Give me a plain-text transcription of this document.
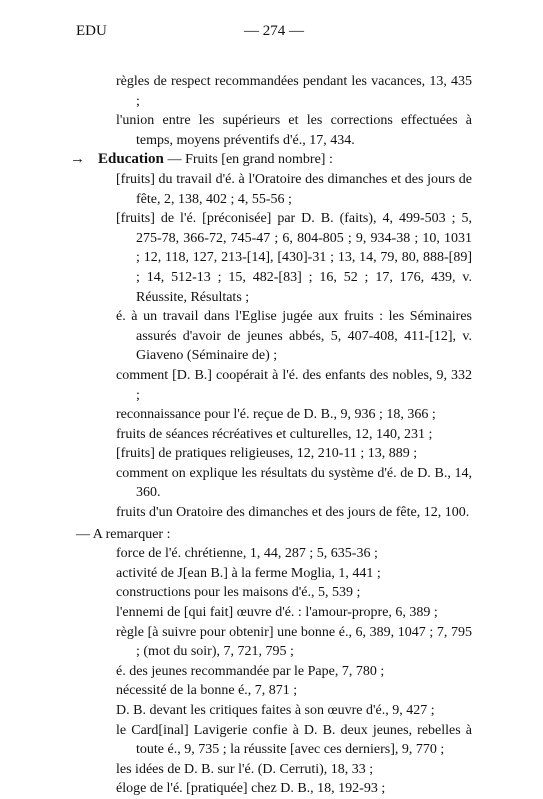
EDU	— 274 —
règles de respect recommandées pendant les vacances, 13, 435 ;
l'union entre les supérieurs et les corrections effectuées à temps, moyens préventifs d'é., 17, 434.
→ Education — Fruits [en grand nombre] :
[fruits] du travail d'é. à l'Oratoire des dimanches et des jours de fête, 2, 138, 402 ; 4, 55-56 ;
[fruits] de l'é. [préconisée] par D. B. (faits), 4, 499-503 ; 5, 275-78, 366-72, 745-47 ; 6, 804-805 ; 9, 934-38 ; 10, 1031 ; 12, 118, 127, 213-[14], [430]-31 ; 13, 14, 79, 80, 888-[89] ; 14, 512-13 ; 15, 482-[83] ; 16, 52 ; 17, 176, 439, v. Réussite, Résultats ;
é. à un travail dans l'Eglise jugée aux fruits : les Séminaires assurés d'avoir de jeunes abbés, 5, 407-408, 411-[12], v. Giaveno (Séminaire de) ;
comment [D. B.] coopérait à l'é. des enfants des nobles, 9, 332 ;
reconnaissance pour l'é. reçue de D. B., 9, 936 ; 18, 366 ;
fruits de séances récréatives et culturelles, 12, 140, 231 ;
[fruits] de pratiques religieuses, 12, 210-11 ; 13, 889 ;
comment on explique les résultats du système d'é. de D. B., 14, 360.
fruits d'un Oratoire des dimanches et des jours de fête, 12, 100.
— A remarquer :
force de l'é. chrétienne, 1, 44, 287 ; 5, 635-36 ;
activité de J[ean B.] à la ferme Moglia, 1, 441 ;
constructions pour les maisons d'é., 5, 539 ;
l'ennemi de [qui fait] œuvre d'é. : l'amour-propre, 6, 389 ;
règle [à suivre pour obtenir] une bonne é., 6, 389, 1047 ; 7, 795 ; (mot du soir), 7, 721, 795 ;
é. des jeunes recommandée par le Pape, 7, 780 ;
nécessité de la bonne é., 7, 871 ;
D. B. devant les critiques faites à son œuvre d'é., 9, 427 ;
le Card[inal] Lavigerie confie à D. B. deux jeunes, rebelles à toute é., 9, 735 ; la réussite [avec ces derniers], 9, 770 ;
les idées de D. B. sur l'é. (D. Cerruti), 18, 33 ;
éloge de l'é. [pratiquée] chez D. B., 18, 192-93 ;
